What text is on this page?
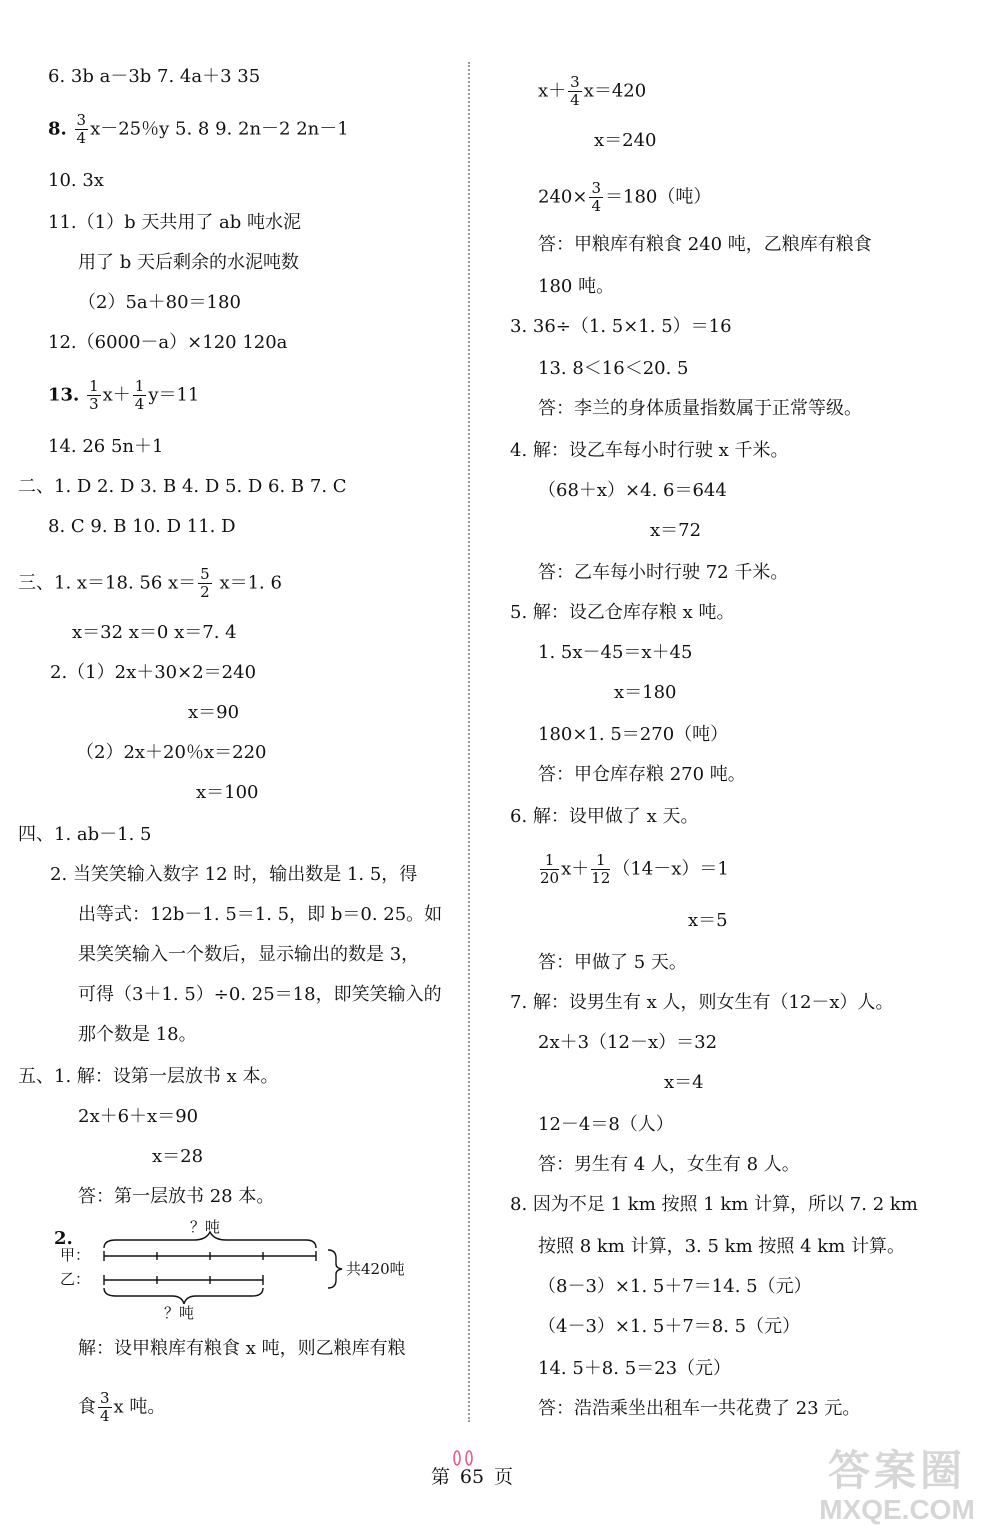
6. 3b a－3b 7. 4a＋3 35
8. $\frac{3}{4} x-25$％y 5. 8 9. 2n－2 2n－1
10. 3x
11.（1）b 天共用了 ab 吨水泥
用了 b 天后剩余的水泥吨数
（2）5a＋80＝180
12.（6000－a）×120 120a
13. $\frac{1}{3} x+ \frac{1}{4} y=11$
14. 26 5n＋1
二、1. D 2. D 3. B 4. D 5. D 6. B 7. C
8. C 9. B 10. D 11. D
三、1. x＝18. 56 $x= \frac{5}{2} x=1$. 6
x＝32 x＝0 x＝7. 4
2.（1）2x＋30×2＝240
x＝90
（2）2x＋20％x＝220
x＝100
四、1. ab－1. 5
2. 当笑笑输入数字 12 时，输出数是 1. 5，得
出等式：12b－1. 5＝1. 5，即 b＝0. 25。如
果笑笑输入一个数后，显示输出的数是 3，
可得（3＋1. 5）÷0. 25＝18，即笑笑输入的
那个数是 18。
五、1. 解：设第一层放书 x 本。
2x＋6＋x＝90
x＝28
答：第一层放书 28 本。
2.
？吨
甲：
乙：
？吨
共420吨
解：设甲粮库有粮食 x 吨，则乙粮库有粮
食 $\frac{3}{4}$ x 吨。
$x+ \frac{3}{4} x=420$
x＝240
$240\times \frac{3}{4} =180$（吨）
答：甲粮库有粮食 240 吨，乙粮库有粮食
180 吨。
3. 36÷（1. 5×1. 5）＝16
13. 8＜16＜20. 5
答：李兰的身体质量指数属于正常等级。
4. 解：设乙车每小时行驶 x 千米。
（68＋x）×4. 6＝644
x＝72
答：乙车每小时行驶 72 千米。
5. 解：设乙仓库存粮 x 吨。
1. 5x－45＝x＋45
x＝180
180×1. 5＝270（吨）
答：甲仓库存粮 270 吨。
6. 解：设甲做了 x 天。
$\frac{1}{20} x+ \frac{1}{12} (14-x)=1$
x＝5
答：甲做了 5 天。
7. 解：设男生有 x 人，则女生有（12－x）人。
2x＋3（12－x）＝32
x＝4
12－4＝8（人）
答：男生有 4 人，女生有 8 人。
8. 因为不足 1 km 按照 1 km 计算，所以 7. 2 km
按照 8 km 计算，3. 5 km 按照 4 km 计算。
（8－3）×1. 5＋7＝14. 5（元）
（4－3）×1. 5＋7＝8. 5（元）
14. 5＋8. 5＝23（元）
答：浩浩乘坐出租车一共花费了 23 元。
第 65 页	答案圈
MXQE.COM
